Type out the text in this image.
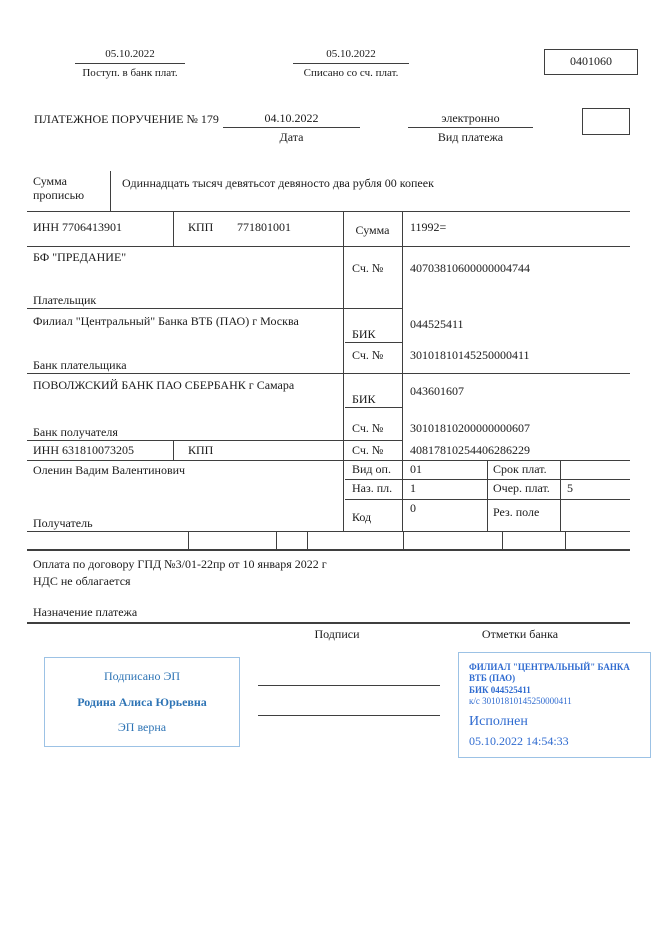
05.10.2022
Поступ. в банк плат.
05.10.2022
Списано со сч. плат.
0401060
ПЛАТЕЖНОЕ ПОРУЧЕНИЕ № 179	04.10.2022
Дата
электронно
Вид платежа
Сумма прописью
Одиннадцать тысяч девятьсот девяносто два рубля 00 копеек
ИНН 7706413901	КПП 771801001	Сумма	11992=
БФ "ПРЕДАНИЕ"
Сч. № 40703810600000004744
Плательщик
Филиал "Центральный" Банка ВТБ (ПАО) г Москва
БИК
044525411
Сч. № 30101810145250000411
Банк плательщика
ПОВОЛЖСКИЙ БАНК ПАО СБЕРБАНК г Самара
БИК
043601607
Сч. № 30101810200000000607
Банк получателя
ИНН 631810073205	КПП	Сч. № 40817810254406286229
Оленин Вадим Валентинович
Получатель
Вид оп. 01	Срок плат.
Наз. пл. 1	Очер. плат. 5
Код
0	Рез. поле
Оплата по договору ГПД №3/01-22пр от 10 января 2022 г
НДС не облагается
Назначение платежа
Подписи	Отметки банка
Подписано ЭП
Родина Алиса Юрьевна
ЭП верна
ФИЛИАЛ "ЦЕНТРАЛЬНЫЙ" БАНКА
ВТБ (ПАО)
БИК 044525411
к/с 30101810145250000411
Исполнен
05.10.2022 14:54:33
